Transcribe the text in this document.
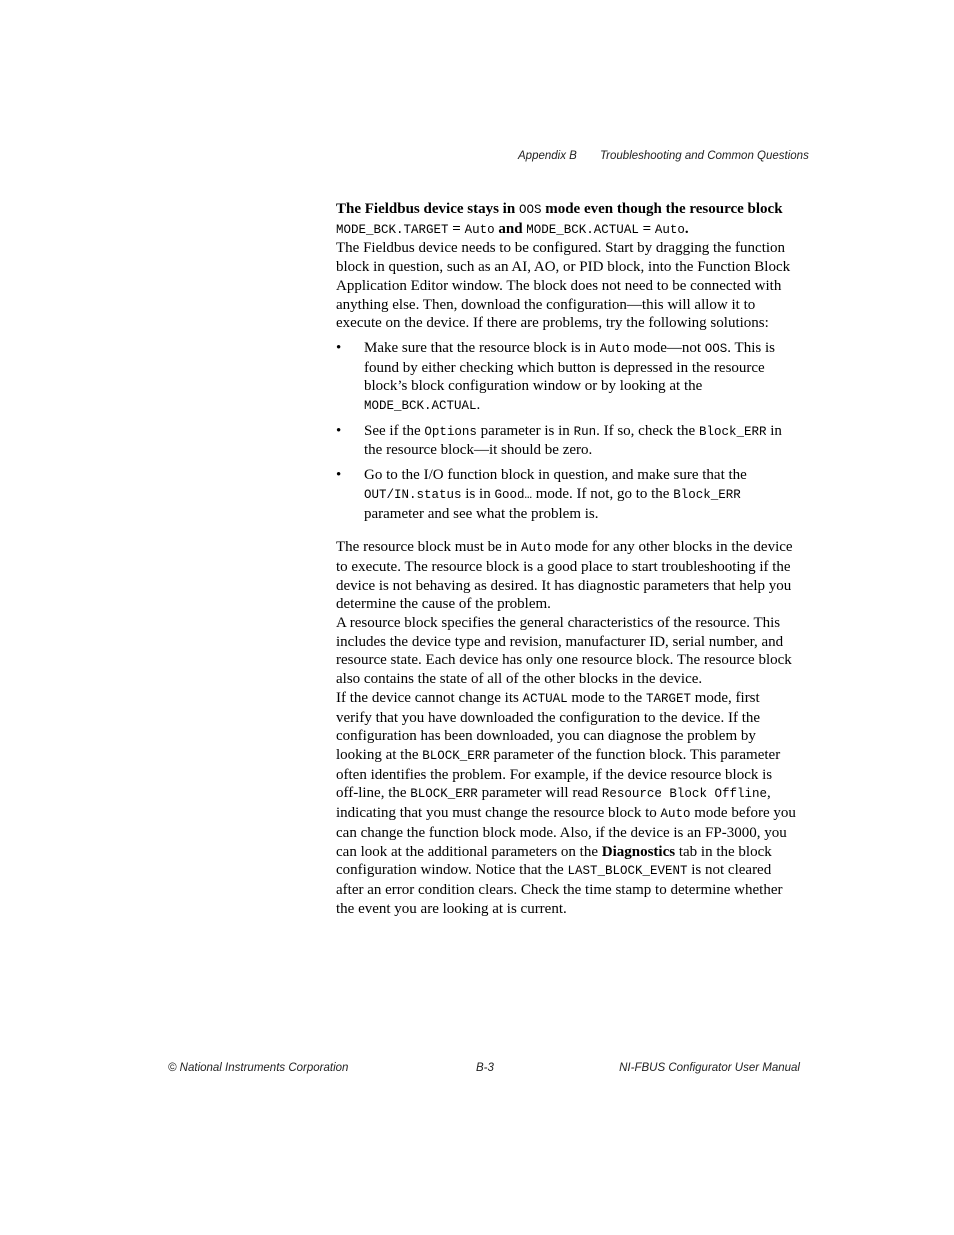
Appendix B Troubleshooting and Common Questions

The Fieldbus device stays in OOS mode even though the resource block MODE_BCK.TARGET = Auto and MODE_BCK.ACTUAL = Auto.

The Fieldbus device needs to be configured. Start by dragging the function block in question, such as an AI, AO, or PID block, into the Function Block Application Editor window. The block does not need to be connected with anything else. Then, download the configuration—this will allow it to execute on the device. If there are problems, try the following solutions:

• Make sure that the resource block is in Auto mode—not OOS. This is found by either checking which button is depressed in the resource block’s block configuration window or by looking at the MODE_BCK.ACTUAL.
• See if the Options parameter is in Run. If so, check the Block_ERR in the resource block—it should be zero.
• Go to the I/O function block in question, and make sure that the OUT/IN.status is in Good… mode. If not, go to the Block_ERR parameter and see what the problem is.

The resource block must be in Auto mode for any other blocks in the device to execute. The resource block is a good place to start troubleshooting if the device is not behaving as desired. It has diagnostic parameters that help you determine the cause of the problem.

A resource block specifies the general characteristics of the resource. This includes the device type and revision, manufacturer ID, serial number, and resource state. Each device has only one resource block. The resource block also contains the state of all of the other blocks in the device.

If the device cannot change its ACTUAL mode to the TARGET mode, first verify that you have downloaded the configuration to the device. If the configuration has been downloaded, you can diagnose the problem by looking at the BLOCK_ERR parameter of the function block. This parameter often identifies the problem. For example, if the device resource block is off-line, the BLOCK_ERR parameter will read Resource Block Offline, indicating that you must change the resource block to Auto mode before you can change the function block mode. Also, if the device is an FP-3000, you can look at the additional parameters on the Diagnostics tab in the block configuration window. Notice that the LAST_BLOCK_EVENT is not cleared after an error condition clears. Check the time stamp to determine whether the event you are looking at is current.

© National Instruments Corporation	B-3	NI-FBUS Configurator User Manual
